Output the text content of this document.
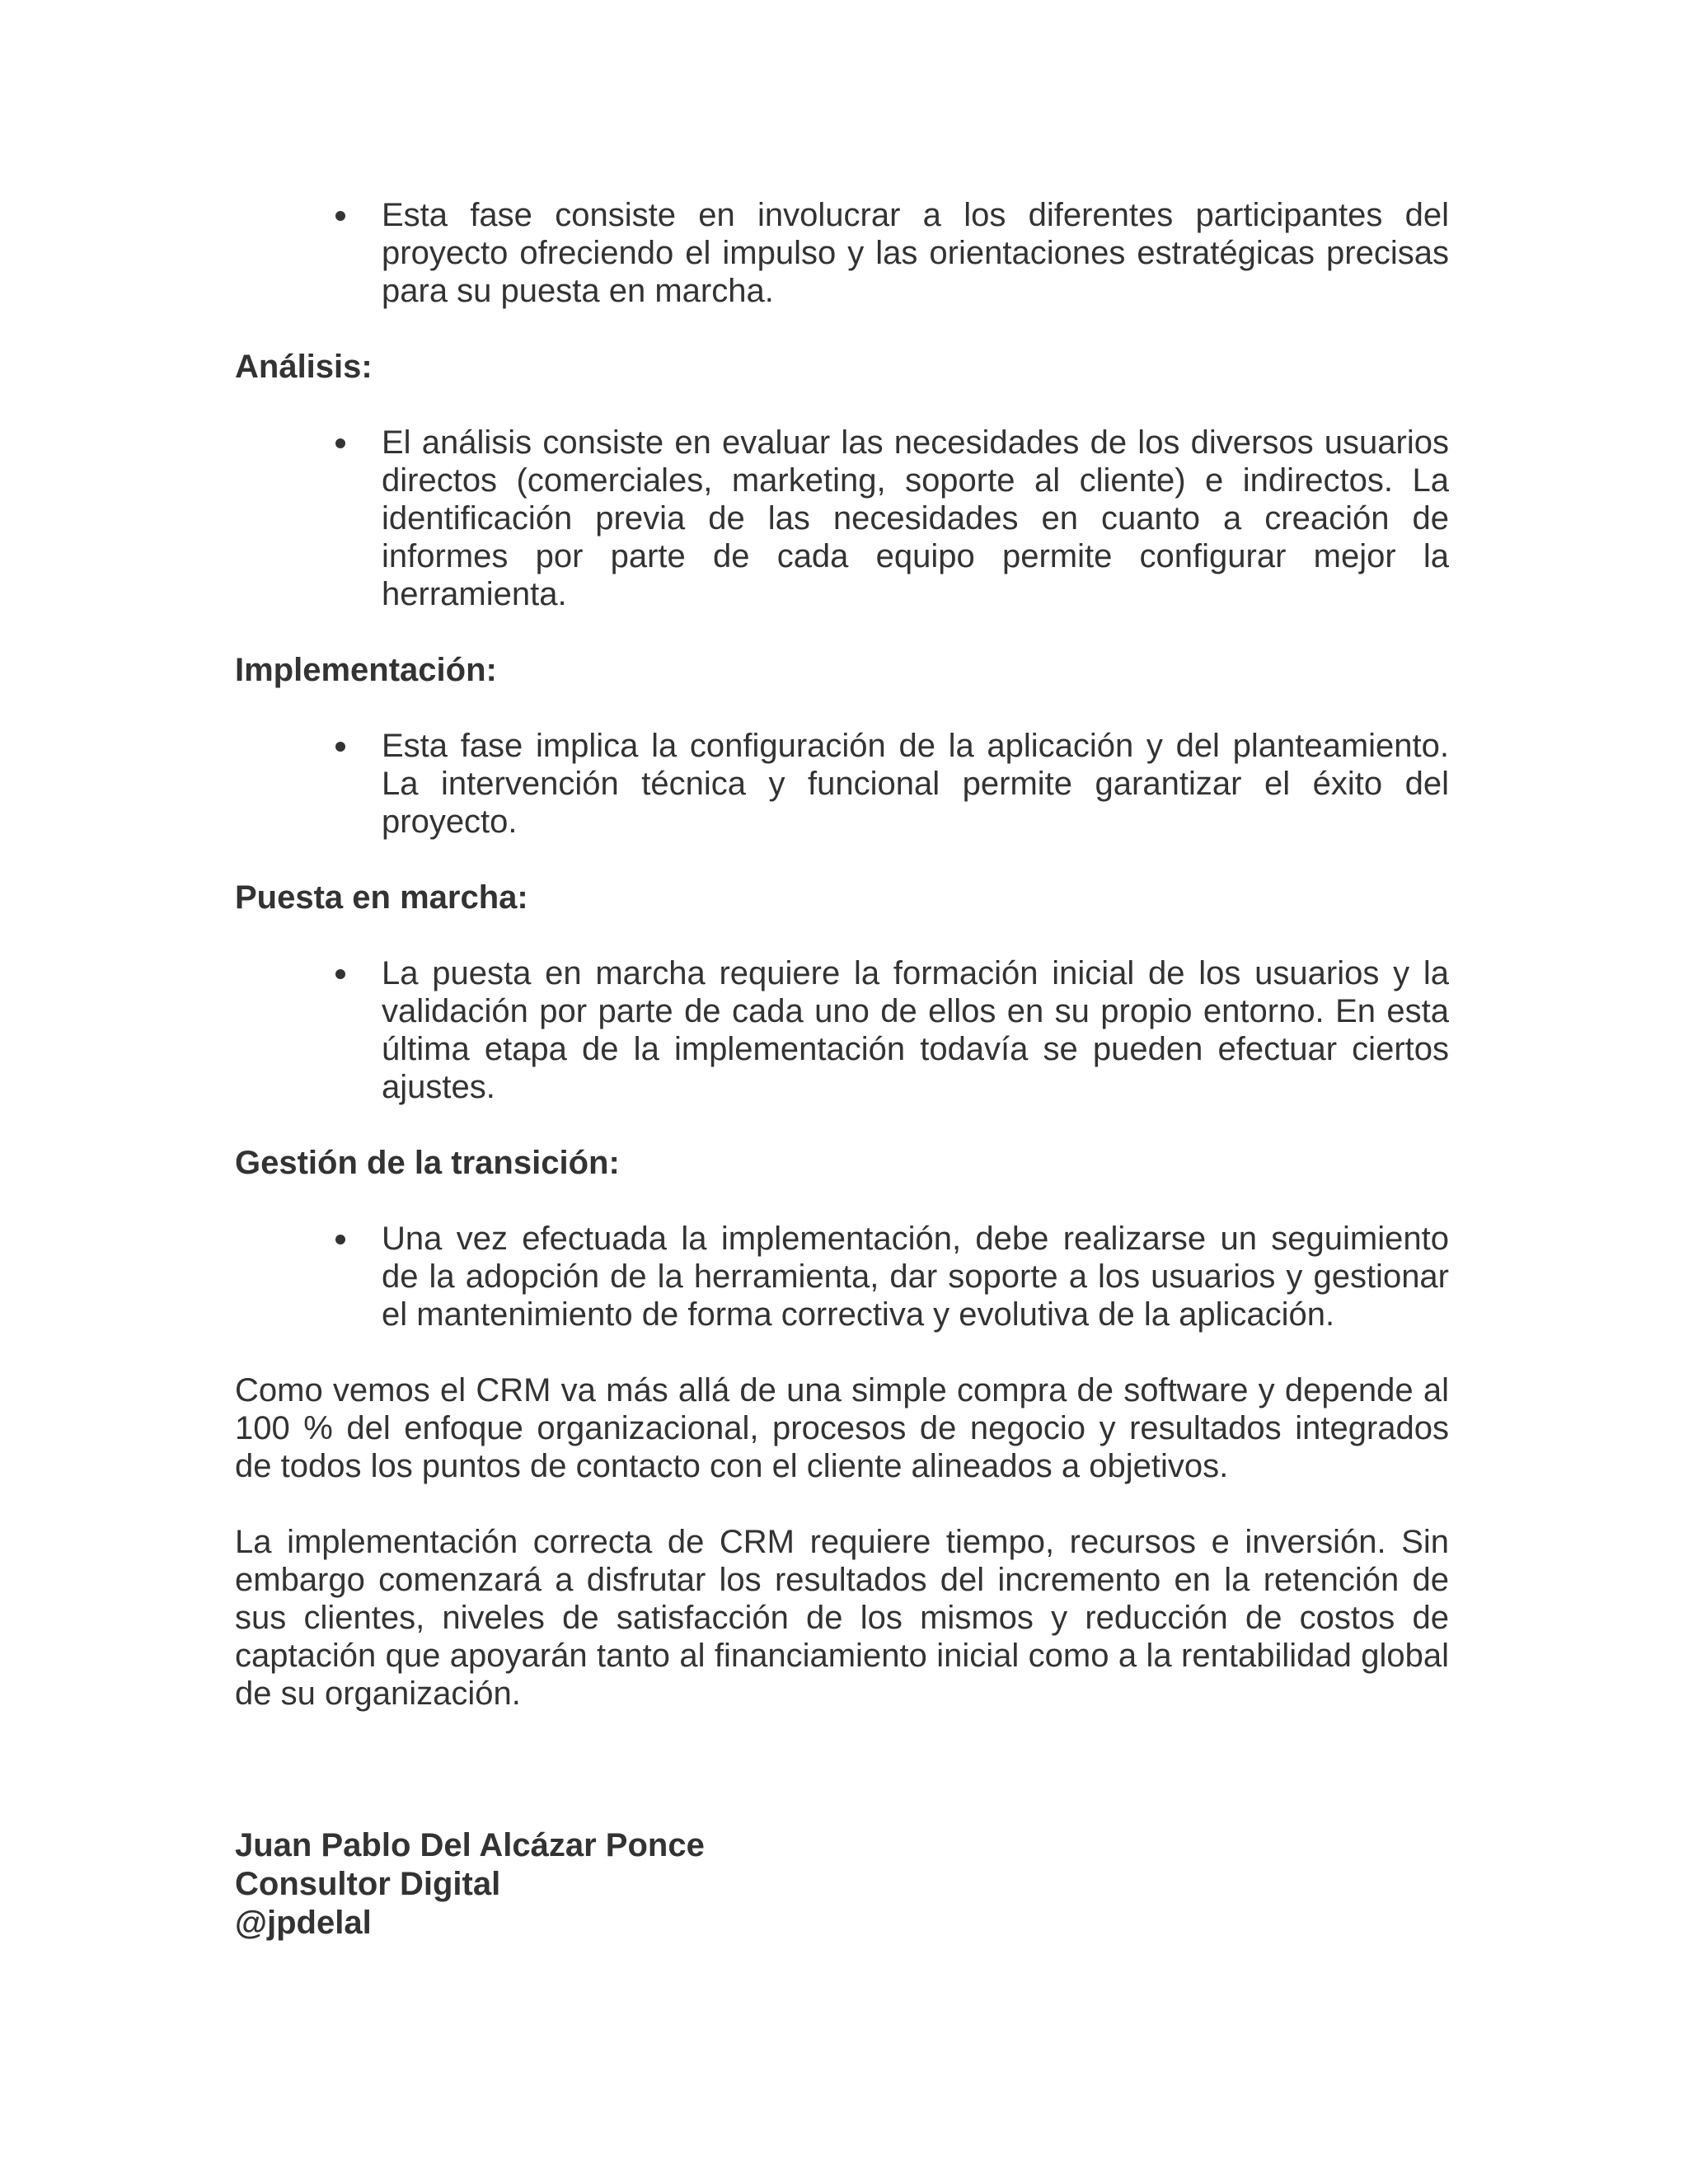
Esta fase consiste en involucrar a los diferentes participantes del proyecto ofreciendo el impulso y las orientaciones estratégicas precisas para su puesta en marcha.

Análisis:

El análisis consiste en evaluar las necesidades de los diversos usuarios directos (comerciales, marketing, soporte al cliente) e indirectos. La identificación previa de las necesidades en cuanto a creación de informes por parte de cada equipo permite configurar mejor la herramienta.

Implementación:

Esta fase implica la configuración de la aplicación y del planteamiento. La intervención técnica y funcional permite garantizar el éxito del proyecto.

Puesta en marcha:

La puesta en marcha requiere la formación inicial de los usuarios y la validación por parte de cada uno de ellos en su propio entorno. En esta última etapa de la implementación todavía se pueden efectuar ciertos ajustes.

Gestión de la transición:

Una vez efectuada la implementación, debe realizarse un seguimiento de la adopción de la herramienta, dar soporte a los usuarios y gestionar el mantenimiento de forma correctiva y evolutiva de la aplicación.

Como vemos el CRM va más allá de una simple compra de software y depende al 100 % del enfoque organizacional, procesos de negocio y resultados integrados de todos los puntos de contacto con el cliente alineados a objetivos.

La implementación correcta de CRM requiere tiempo, recursos e inversión. Sin embargo comenzará a disfrutar los resultados del incremento en la retención de sus clientes, niveles de satisfacción de los mismos y reducción de costos de captación que apoyarán tanto al financiamiento inicial como a la rentabilidad global de su organización.

Juan Pablo Del Alcázar Ponce
Consultor Digital
@jpdelal
